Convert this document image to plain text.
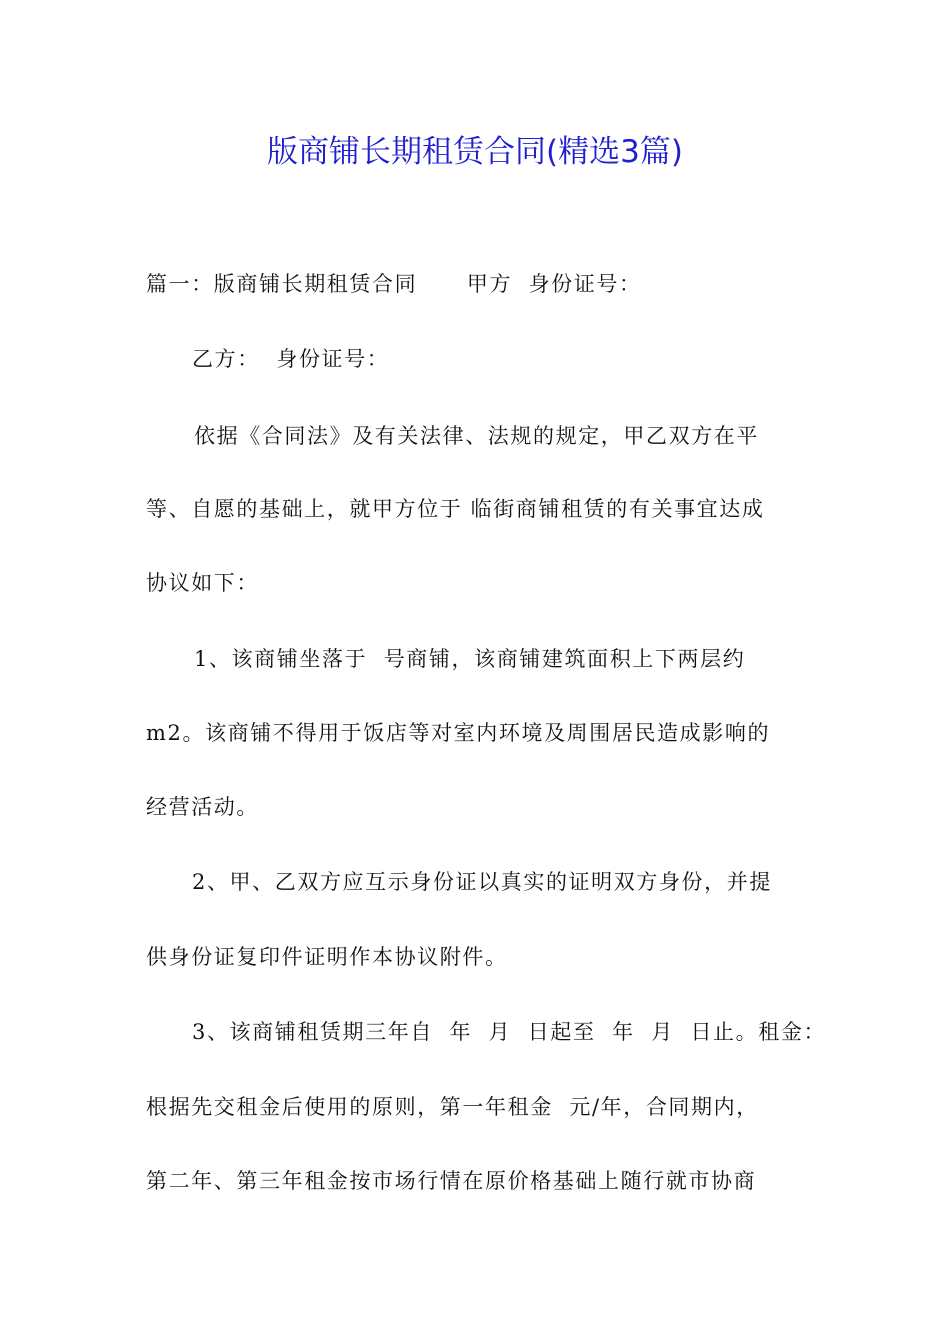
版商铺长期租赁合同(精选3篇)
篇一：版商铺长期租赁合同      甲方  身份证号：
乙方：  身份证号：
依据《合同法》及有关法律、法规的规定，甲乙双方在平
等、自愿的基础上，就甲方位于 临街商铺租赁的有关事宜达成
协议如下：
1、该商铺坐落于  号商铺，该商铺建筑面积上下两层约
m2。该商铺不得用于饭店等对室内环境及周围居民造成影响的
经营活动。
2、甲、乙双方应互示身份证以真实的证明双方身份，并提
供身份证复印件证明作本协议附件。
3、该商铺租赁期三年自  年  月  日起至  年  月  日止。租金：
根据先交租金后使用的原则，第一年租金  元/年，合同期内，
第二年、第三年租金按市场行情在原价格基础上随行就市协商
